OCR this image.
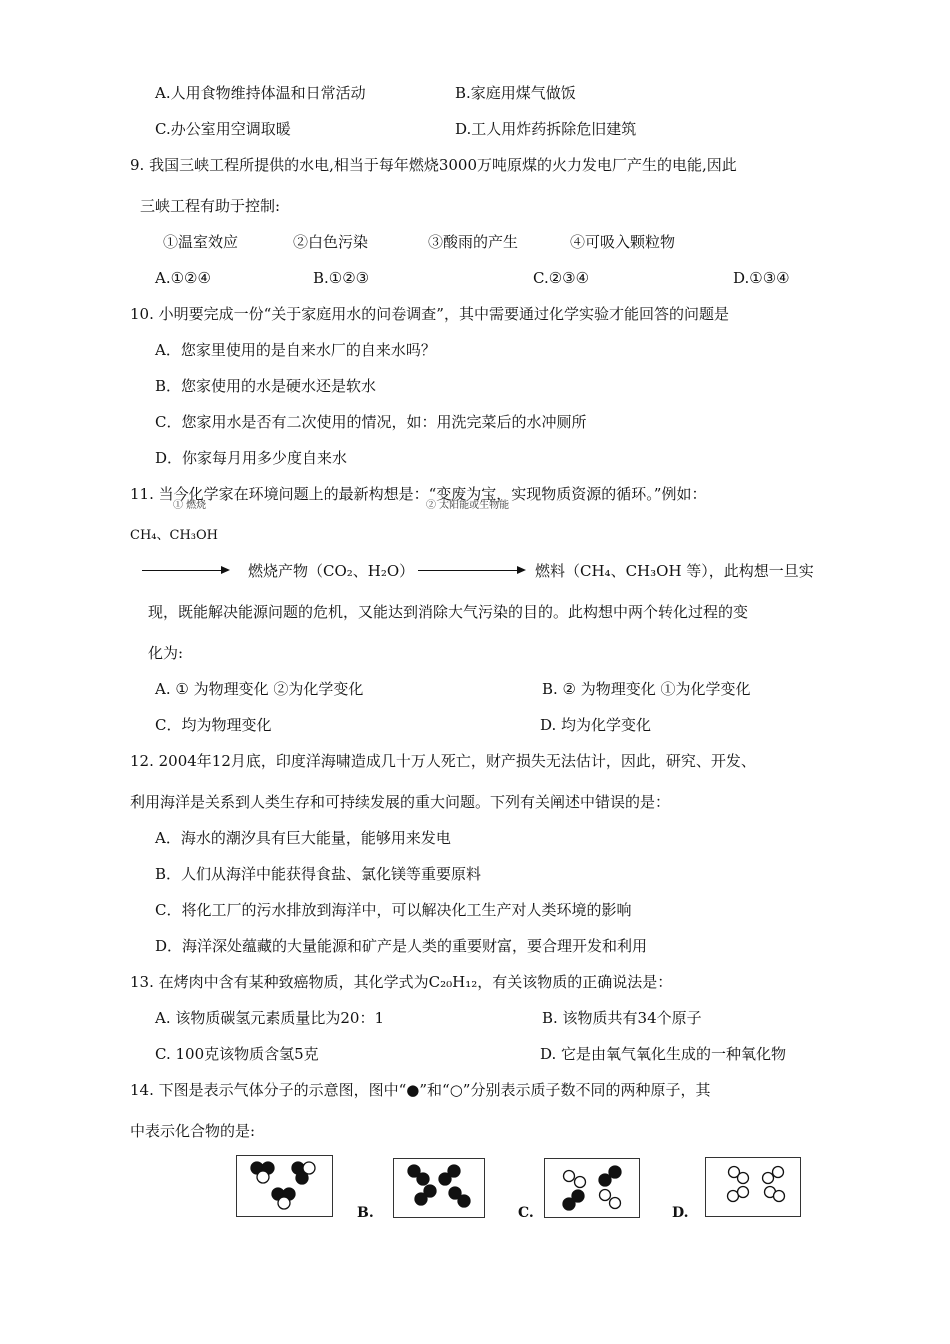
A.人用食物维持体温和日常活动	B.家庭用煤气做饭
C.办公室用空调取暖	D.工人用炸药拆除危旧建筑
9. 我国三峡工程所提供的水电,相当于每年燃烧3000万吨原煤的火力发电厂产生的电能,因此
三峡工程有助于控制:
①温室效应	②白色污染	③酸雨的产生	④可吸入颗粒物
A.①②④	B.①②③	C.②③④	D.①③④
10. 小明要完成一份“关于家庭用水的问卷调查”，其中需要通过化学实验才能回答的问题是
A．您家里使用的是自来水厂的自来水吗？
B．您家使用的水是硬水还是软水
C．您家用水是否有二次使用的情况，如：用洗完菜后的水冲厕所
D．你家每月用多少度自来水
11. 当今化学家在环境问题上的最新构想是：“变废为宝，实现物质资源的循环。”例如：
① 燃烧	② 太阳能或生物能
CH₄、CH₃OH
燃烧产物（CO₂、H₂O）	燃料（CH₄、CH₃OH 等），此构想一旦实
现，既能解决能源问题的危机，又能达到消除大气污染的目的。此构想中两个转化过程的变
化为:
A. ① 为物理变化 ②为化学变化	B. ② 为物理变化 ①为化学变化
C．均为物理变化	D. 均为化学变化
12. 2004年12月底，印度洋海啸造成几十万人死亡，财产损失无法估计，因此，研究、开发、
利用海洋是关系到人类生存和可持续发展的重大问题。下列有关阐述中错误的是：
A．海水的潮汐具有巨大能量，能够用来发电
B．人们从海洋中能获得食盐、氯化镁等重要原料
C．将化工厂的污水排放到海洋中，可以解决化工生产对人类环境的影响
D．海洋深处蕴藏的大量能源和矿产是人类的重要财富，要合理开发和利用
13. 在烤肉中含有某种致癌物质，其化学式为C₂₀H₁₂，有关该物质的正确说法是：
A. 该物质碳氢元素质量比为20：1	B. 该物质共有34个原子
C. 100克该物质含氢5克	D. 它是由氧气氧化生成的一种氧化物
14. 下图是表示气体分子的示意图，图中“●”和“○”分别表示质子数不同的两种原子，其
中表示化合物的是:
B.	C.	D.
